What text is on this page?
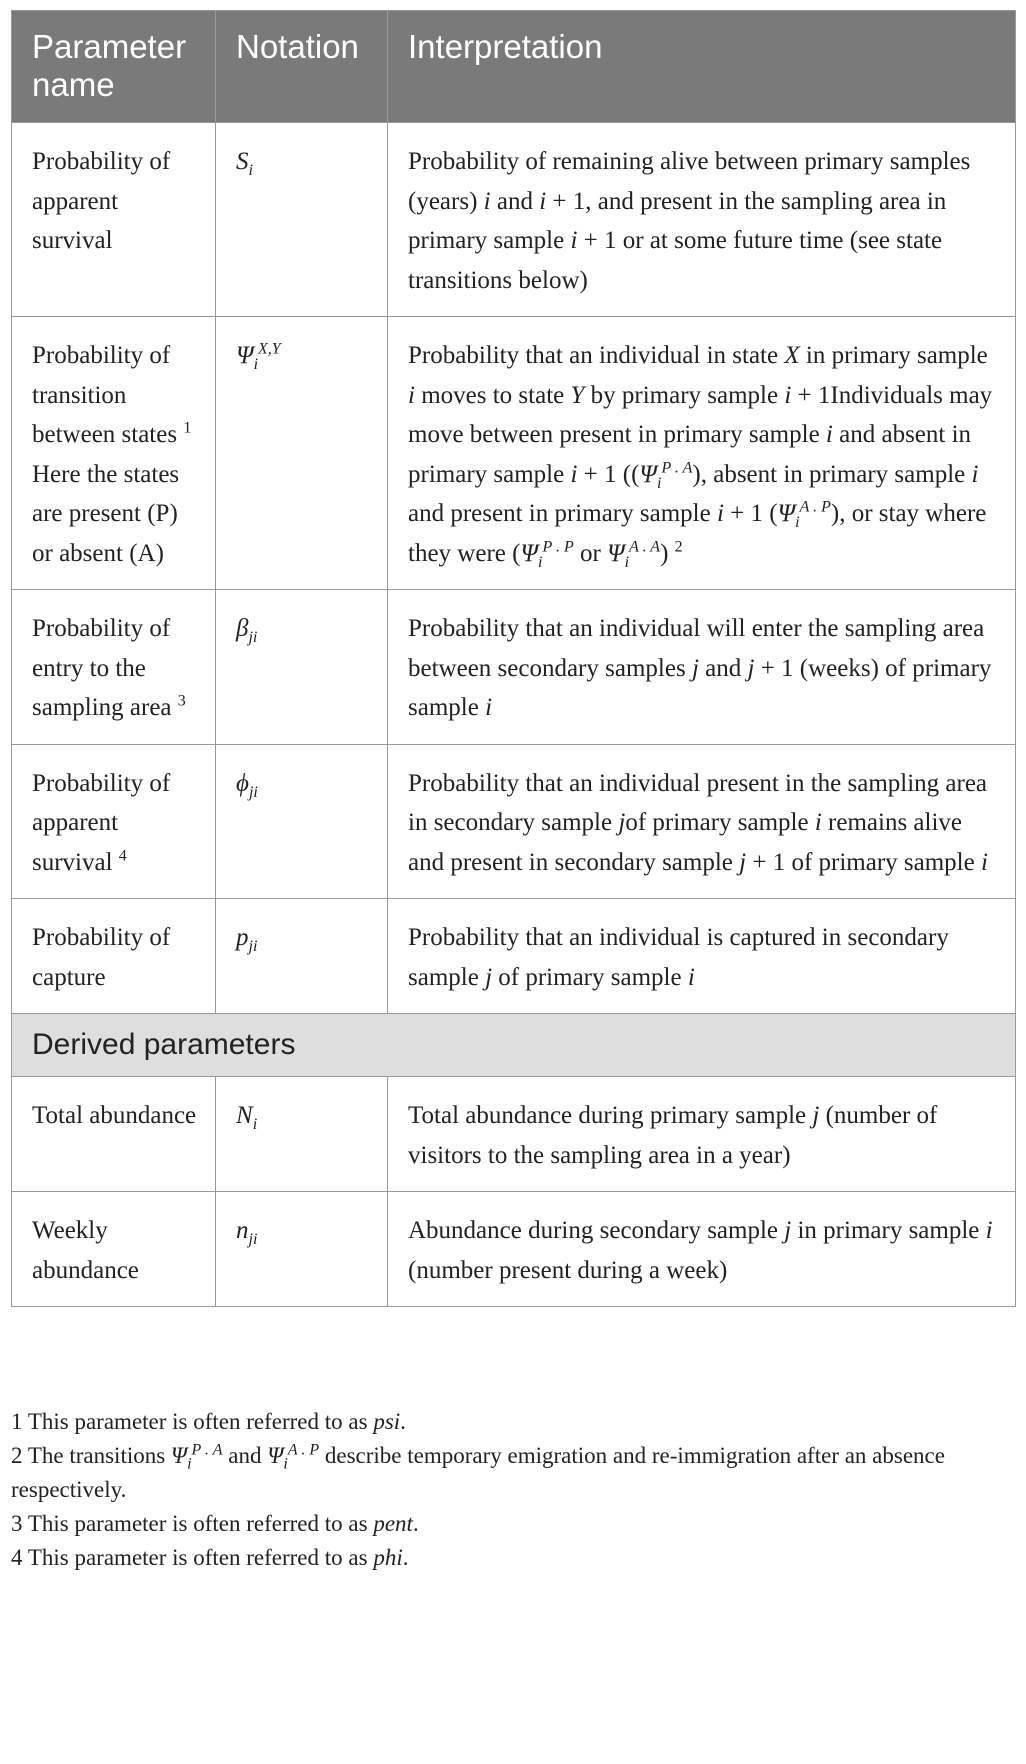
Parameter name	Notation	Interpretation
Probability of apparent survival	$S_i$	Probability of remaining alive between primary samples (years) i and i + 1, and present in the sampling area in primary sample i + 1 or at some future time (see state transitions below)
Probability of transition between states $^1$ Here the states are present (P) or absent (A)	$\Psi_i^{X,Y}$	Probability that an individual in state X in primary sample i moves to state Y by primary sample i + 1Individuals may move between present in primary sample i and absent in primary sample i + 1 ($(\Psi_i^{P . A})$, absent in primary sample i and present in primary sample i + 1 $(\Psi_i^{A . P})$, or stay where they were ($\Psi_i^{P . P}$ or $\Psi_i^{A . A}$) $^2$
Probability of entry to the sampling area $^3$	$\beta_{ji}$	Probability that an individual will enter the sampling area between secondary samples j and j + 1 (weeks) of primary sample i
Probability of apparent survival $^4$	$\phi_{ji}$	Probability that an individual present in the sampling area in secondary sample jof primary sample i remains alive and present in secondary sample j + 1 of primary sample i
Probability of capture	$p_{ji}$	Probability that an individual is captured in secondary sample j of primary sample i
Derived parameters		
Total abundance	$N_i$	Total abundance during primary sample j (number of visitors to the sampling area in a year)
Weekly abundance	$n_{ji}$	Abundance during secondary sample j in primary sample i (number present during a week)

1 This parameter is often referred to as psi.

2 The transitions $\Psi_i^{P . A}$ and $\Psi_i^{A . P}$ describe temporary emigration and re-immigration after an absence respectively.

3 This parameter is often referred to as pent.

4 This parameter is often referred to as phi.
